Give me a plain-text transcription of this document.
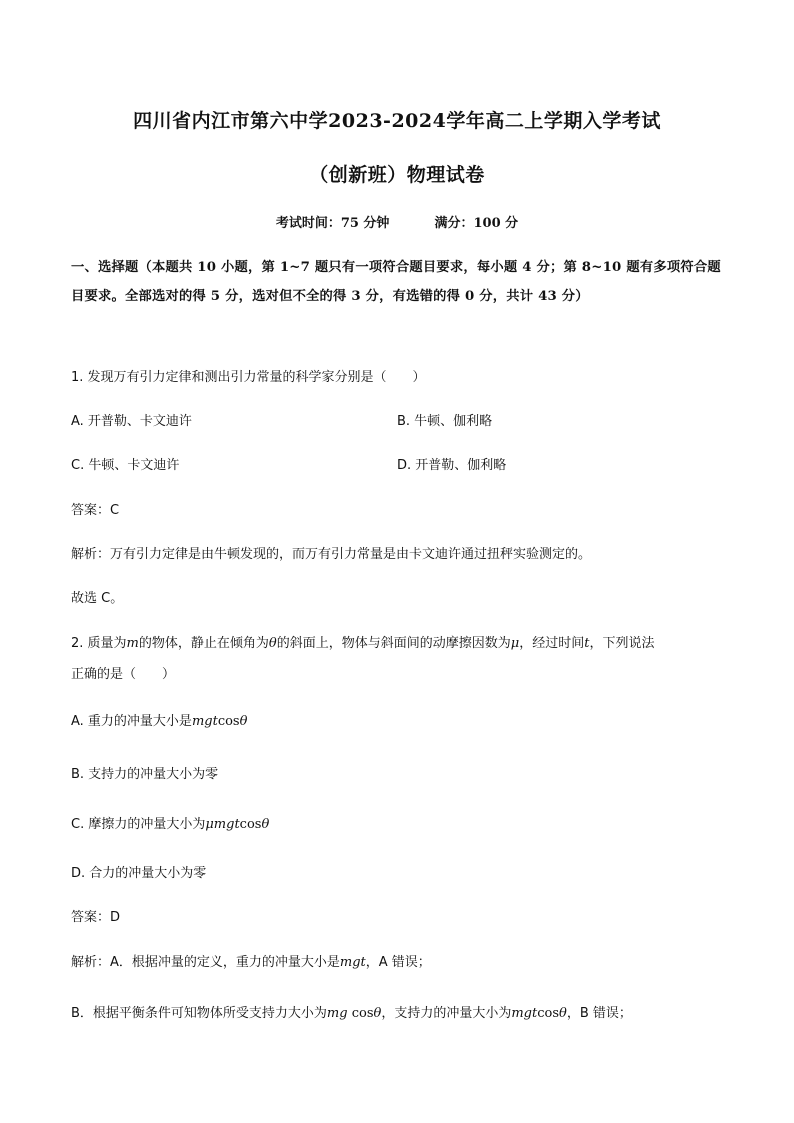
四川省内江市第六中学2023-2024学年高二上学期入学考试
（创新班）物理试卷
考试时间：75 分钟	满分：100 分
一、选择题（本题共 10 小题，第 1~7 题只有一项符合题目要求，每小题 4 分；第 8~10 题有多项符合题目要求。全部选对的得 5 分，选对但不全的得 3 分，有选错的得 0 分，共计 43 分）
1. 发现万有引力定律和测出引力常量的科学家分别是（　　）
A. 开普勒、卡文迪许	B. 牛顿、伽利略
C. 牛顿、卡文迪许	D. 开普勒、伽利略
答案：C
解析：万有引力定律是由牛顿发现的，而万有引力常量是由卡文迪许通过扭秤实验测定的。
故选 C。
2. 质量为m的物体，静止在倾角为θ的斜面上，物体与斜面间的动摩擦因数为μ，经过时间t，下列说法
正确的是（　　）
A. 重力的冲量大小是mgtcosθ
B. 支持力的冲量大小为零
C. 摩擦力的冲量大小为μmgtcosθ
D. 合力的冲量大小为零
答案：D
解析：A．根据冲量的定义，重力的冲量大小是mgt，A 错误；
B．根据平衡条件可知物体所受支持力大小为mg cosθ，支持力的冲量大小为mgtcosθ，B 错误；
